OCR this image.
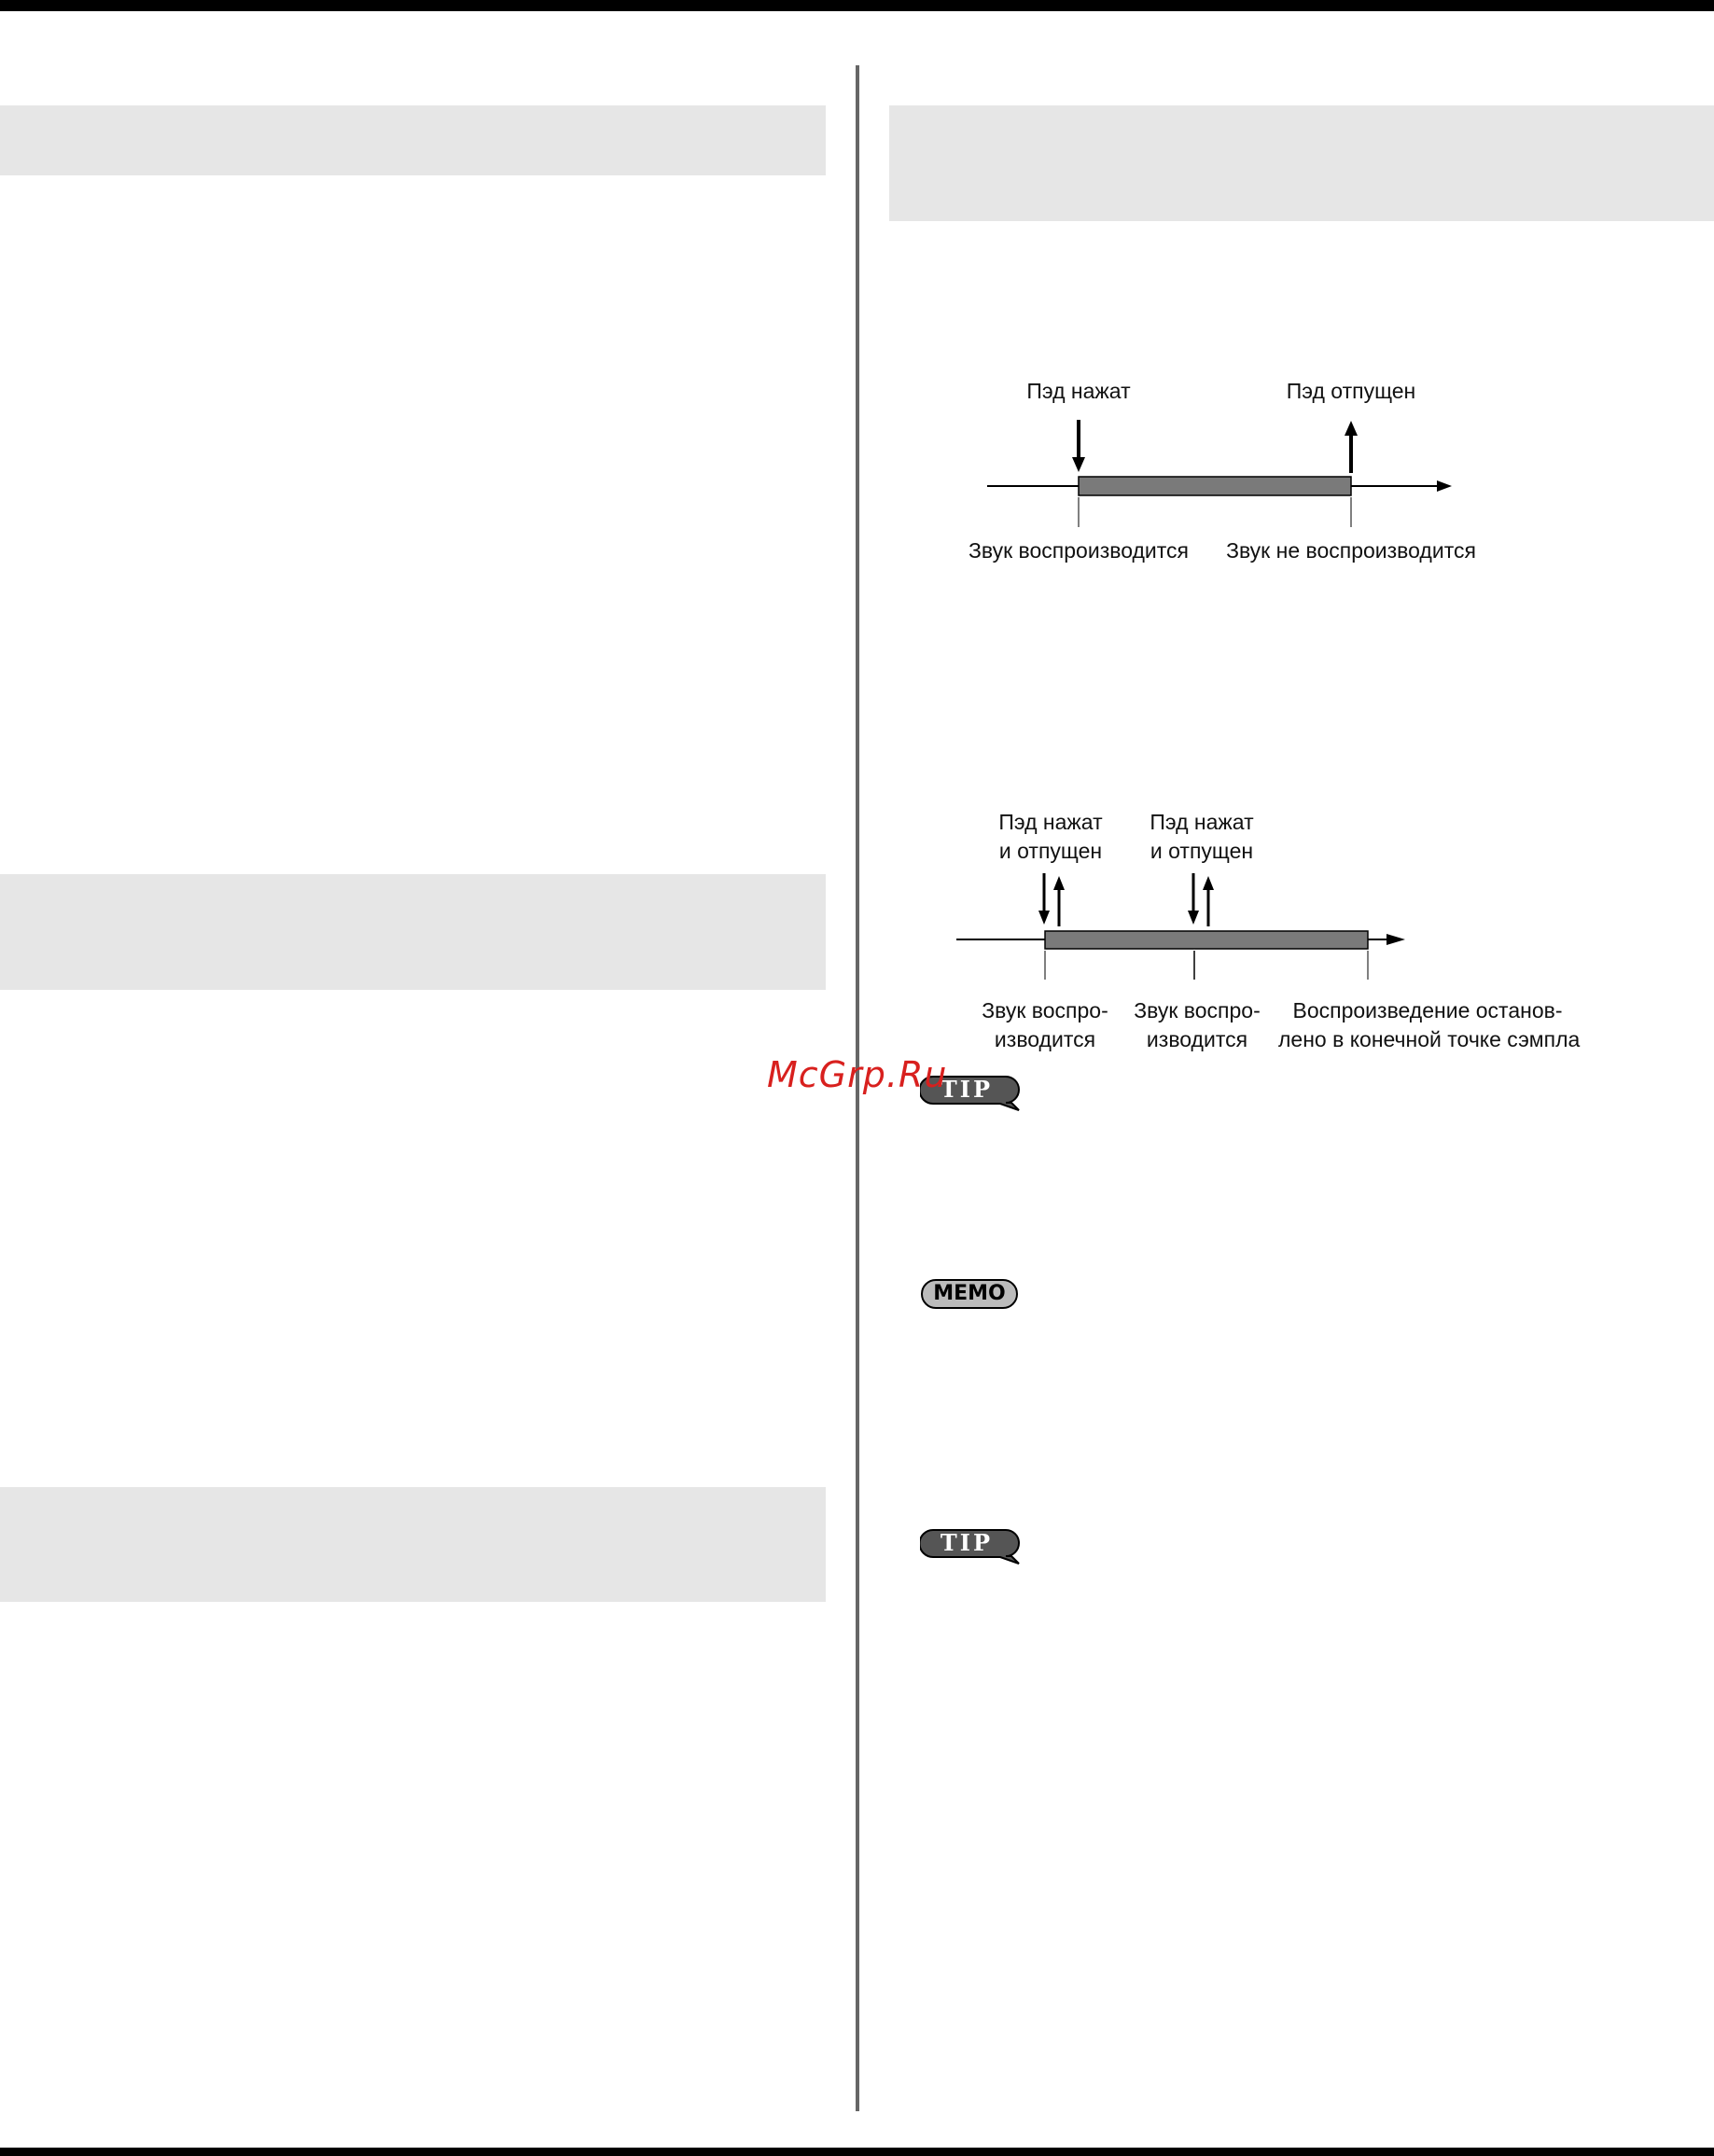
Пэд нажат	Пэд отпущен
Звук воспроизводится	Звук не воспроизводится
Пэд нажат
и отпущен
Пэд нажат
и отпущен
Звук воспро-
изводится
Звук воспро-
изводится
Воспроизведение останов-
лено в конечной точке сэмпла
TIP
McGrp.Ru
MEMO
TIP
